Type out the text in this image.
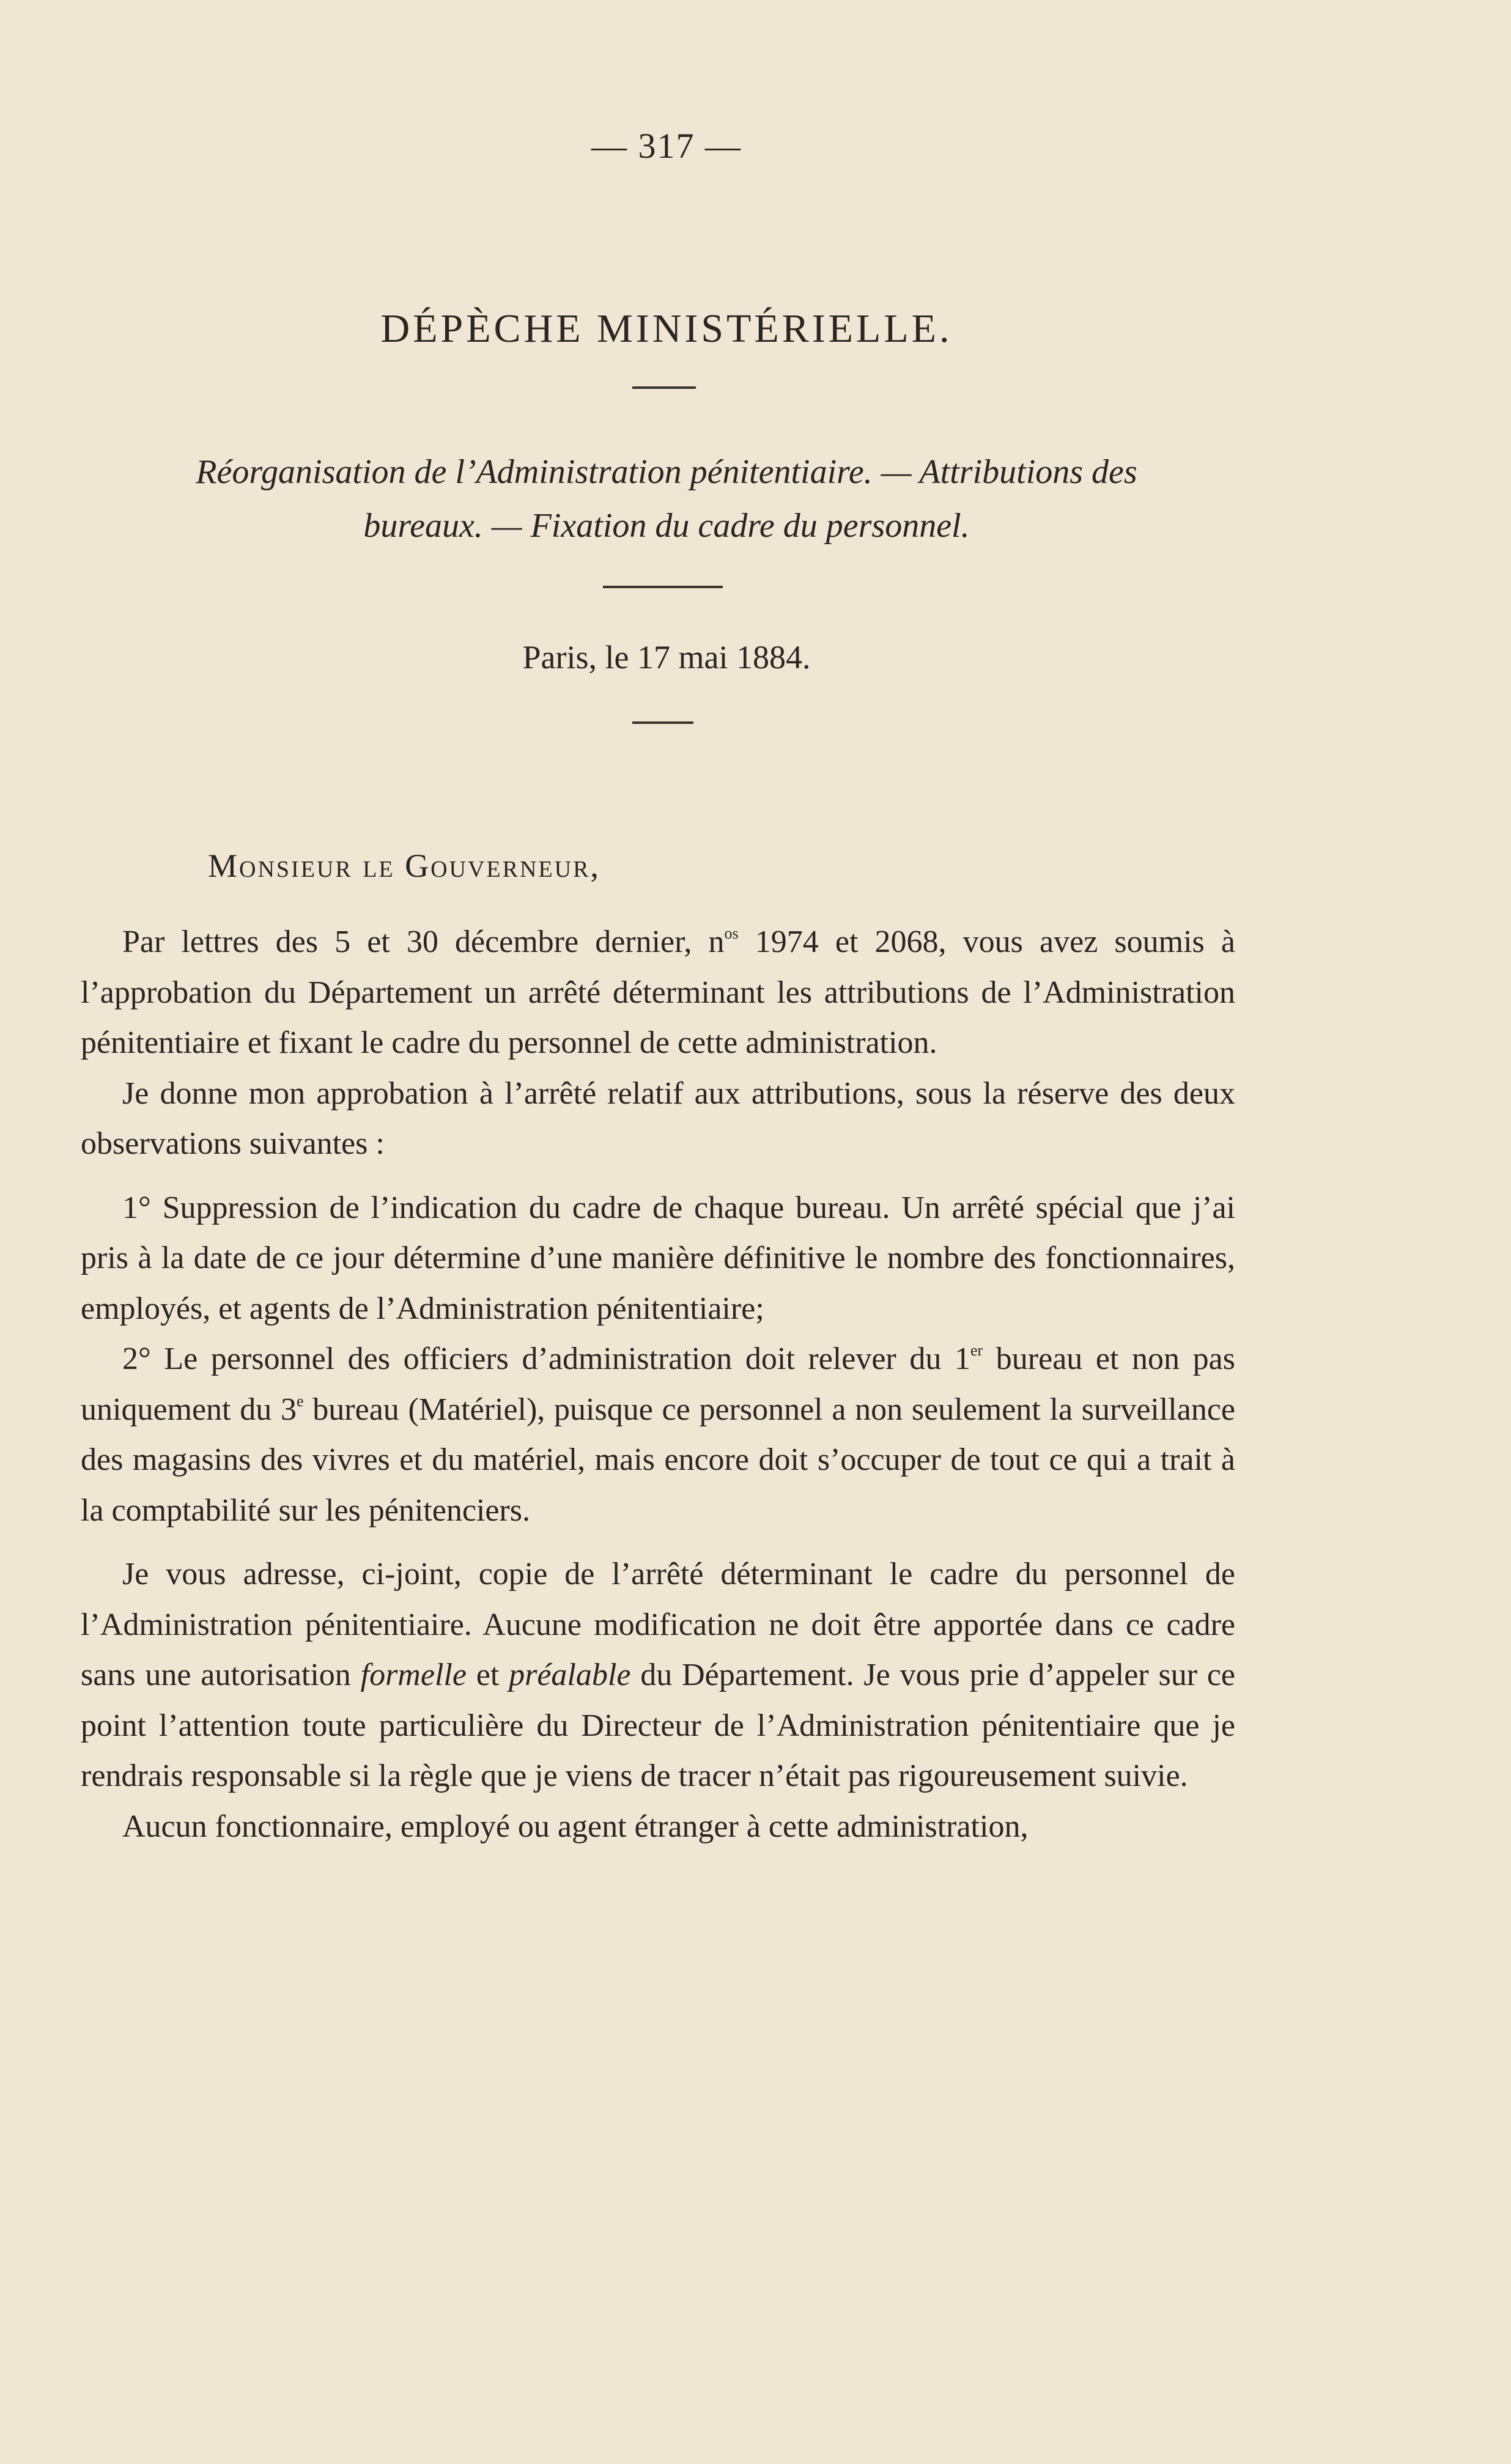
— 317 —
DÉPÈCHE MINISTÉRIELLE.
Réorganisation de l’Administration pénitentiaire. — Attributions des
bureaux. — Fixation du cadre du personnel.
Paris, le 17 mai 1884.
Monsieur le Gouverneur,

Par lettres des 5 et 30 décembre dernier, $n^{os}$ 1974 et 2068, vous avez soumis à l’approbation du Département un arrêté déterminant les attributions de l’Administration pénitentiaire et fixant le cadre du personnel de cette administration.

Je donne mon approbation à l’arrêté relatif aux attributions, sous la réserve des deux observations suivantes :

1° Suppression de l’indication du cadre de chaque bureau. Un arrêté spécial que j’ai pris à la date de ce jour détermine d’une manière définitive le nombre des fonctionnaires, employés, et agents de l’Administration pénitentiaire;

2° Le personnel des officiers d’administration doit relever du 1er bureau et non pas uniquement du 3e bureau (Matériel), puisque ce personnel a non seulement la surveillance des magasins des vivres et du matériel, mais encore doit s’occuper de tout ce qui a trait à la comptabilité sur les pénitenciers.

Je vous adresse, ci-joint, copie de l’arrêté déterminant le cadre du personnel de l’Administration pénitentiaire. Aucune modification ne doit être apportée dans ce cadre sans une autorisation formelle et préalable du Département. Je vous prie d’appeler sur ce point l’attention toute particulière du Directeur de l’Administration pénitentiaire que je rendrais responsable si la règle que je viens de tracer n’était pas rigoureusement suivie.

Aucun fonctionnaire, employé ou agent étranger à cette administration,
